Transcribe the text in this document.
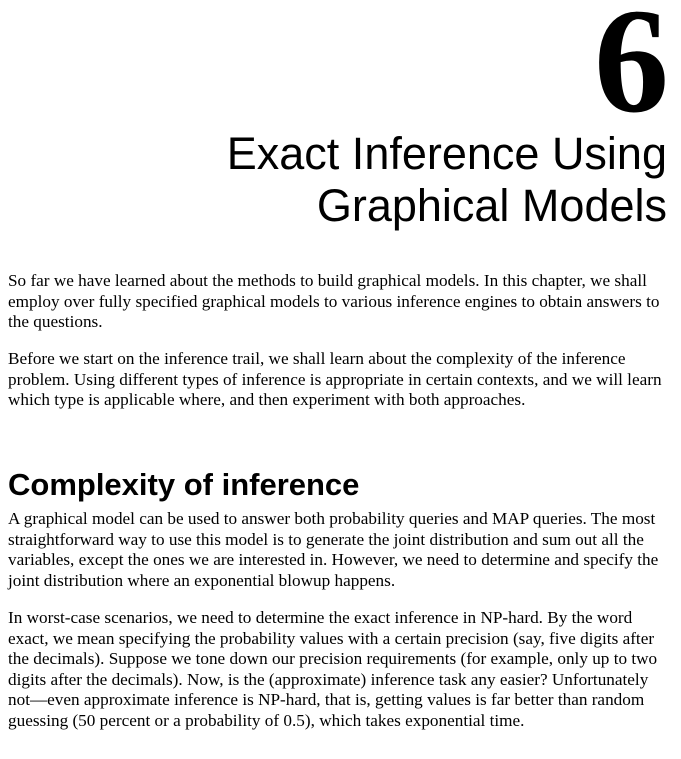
6
Exact Inference Using
Graphical Models

So far we have learned about the methods to build graphical models. In this chapter, we shall employ over fully specified graphical models to various inference engines to obtain answers to the questions.

Before we start on the inference trail, we shall learn about the complexity of the inference problem. Using different types of inference is appropriate in certain contexts, and we will learn which type is applicable where, and then experiment with both approaches.

Complexity of inference

A graphical model can be used to answer both probability queries and MAP queries. The most straightforward way to use this model is to generate the joint distribution and sum out all the variables, except the ones we are interested in. However, we need to determine and specify the joint distribution where an exponential blowup happens.

In worst-case scenarios, we need to determine the exact inference in NP-hard. By the word exact, we mean specifying the probability values with a certain precision (say, five digits after the decimals). Suppose we tone down our precision requirements (for example, only up to two digits after the decimals). Now, is the (approximate) inference task any easier? Unfortunately not—even approximate inference is NP-hard, that is, getting values is far better than random guessing (50 percent or a probability of 0.5), which takes exponential time.
